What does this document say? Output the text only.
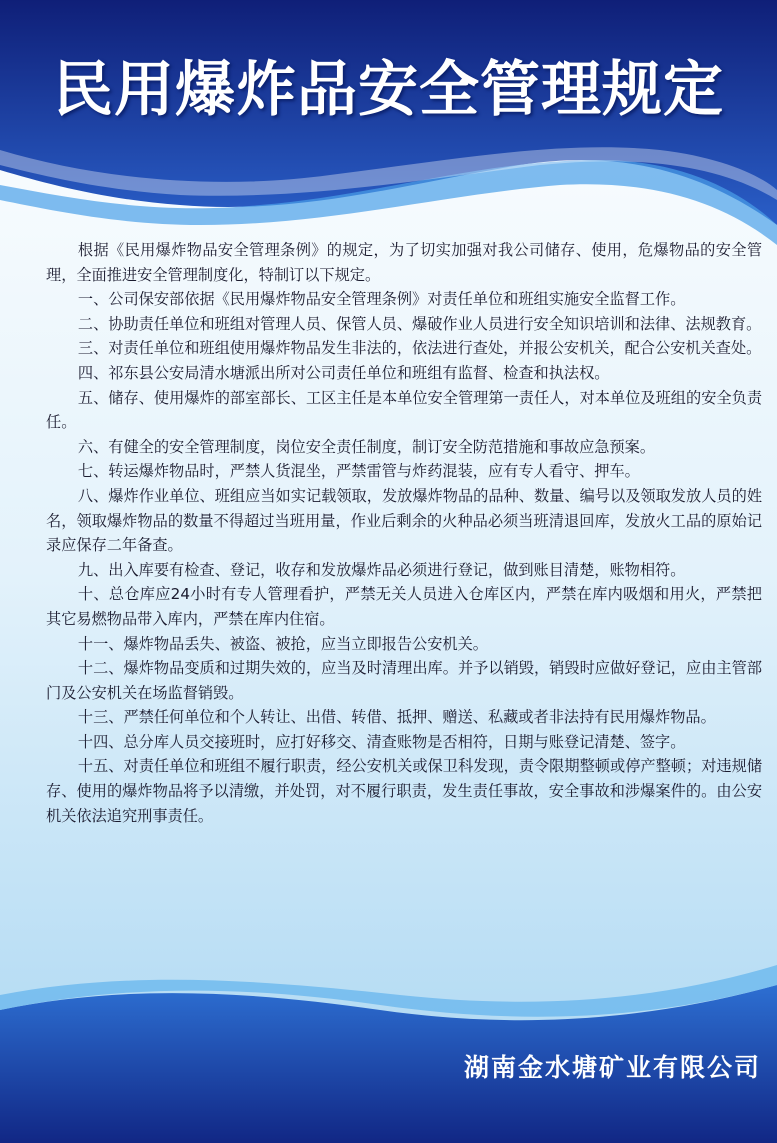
民用爆炸品安全管理规定

根据《民用爆炸物品安全管理条例》的规定，为了切实加强对我公司储存、使用，危爆物品的安全管理，全面推进安全管理制度化，特制订以下规定。

一、公司保安部依据《民用爆炸物品安全管理条例》对责任单位和班组实施安全监督工作。

二、协助责任单位和班组对管理人员、保管人员、爆破作业人员进行安全知识培训和法律、法规教育。

三、对责任单位和班组使用爆炸物品发生非法的，依法进行查处，并报公安机关，配合公安机关查处。

四、祁东县公安局清水塘派出所对公司责任单位和班组有监督、检查和执法权。

五、储存、使用爆炸的部室部长、工区主任是本单位安全管理第一责任人，对本单位及班组的安全负责任。

六、有健全的安全管理制度，岗位安全责任制度，制订安全防范措施和事故应急预案。

七、转运爆炸物品时，严禁人货混坐，严禁雷管与炸药混装，应有专人看守、押车。

八、爆炸作业单位、班组应当如实记载领取，发放爆炸物品的品种、数量、编号以及领取发放人员的姓名，领取爆炸物品的数量不得超过当班用量，作业后剩余的火种品必须当班清退回库，发放火工品的原始记录应保存二年备查。

九、出入库要有检查、登记，收存和发放爆炸品必须进行登记，做到账目清楚，账物相符。

十、总仓库应24小时有专人管理看护，严禁无关人员进入仓库区内，严禁在库内吸烟和用火，严禁把其它易燃物品带入库内，严禁在库内住宿。

十一、爆炸物品丢失、被盗、被抢，应当立即报告公安机关。

十二、爆炸物品变质和过期失效的，应当及时清理出库。并予以销毁，销毁时应做好登记，应由主管部门及公安机关在场监督销毁。

十三、严禁任何单位和个人转让、出借、转借、抵押、赠送、私藏或者非法持有民用爆炸物品。

十四、总分库人员交接班时，应打好移交、清查账物是否相符，日期与账登记清楚、签字。

十五、对责任单位和班组不履行职责，经公安机关或保卫科发现，责令限期整顿或停产整顿；对违规储存、使用的爆炸物品将予以清缴，并处罚，对不履行职责，发生责任事故，安全事故和涉爆案件的。由公安机关依法追究刑事责任。

湖南金水塘矿业有限公司
